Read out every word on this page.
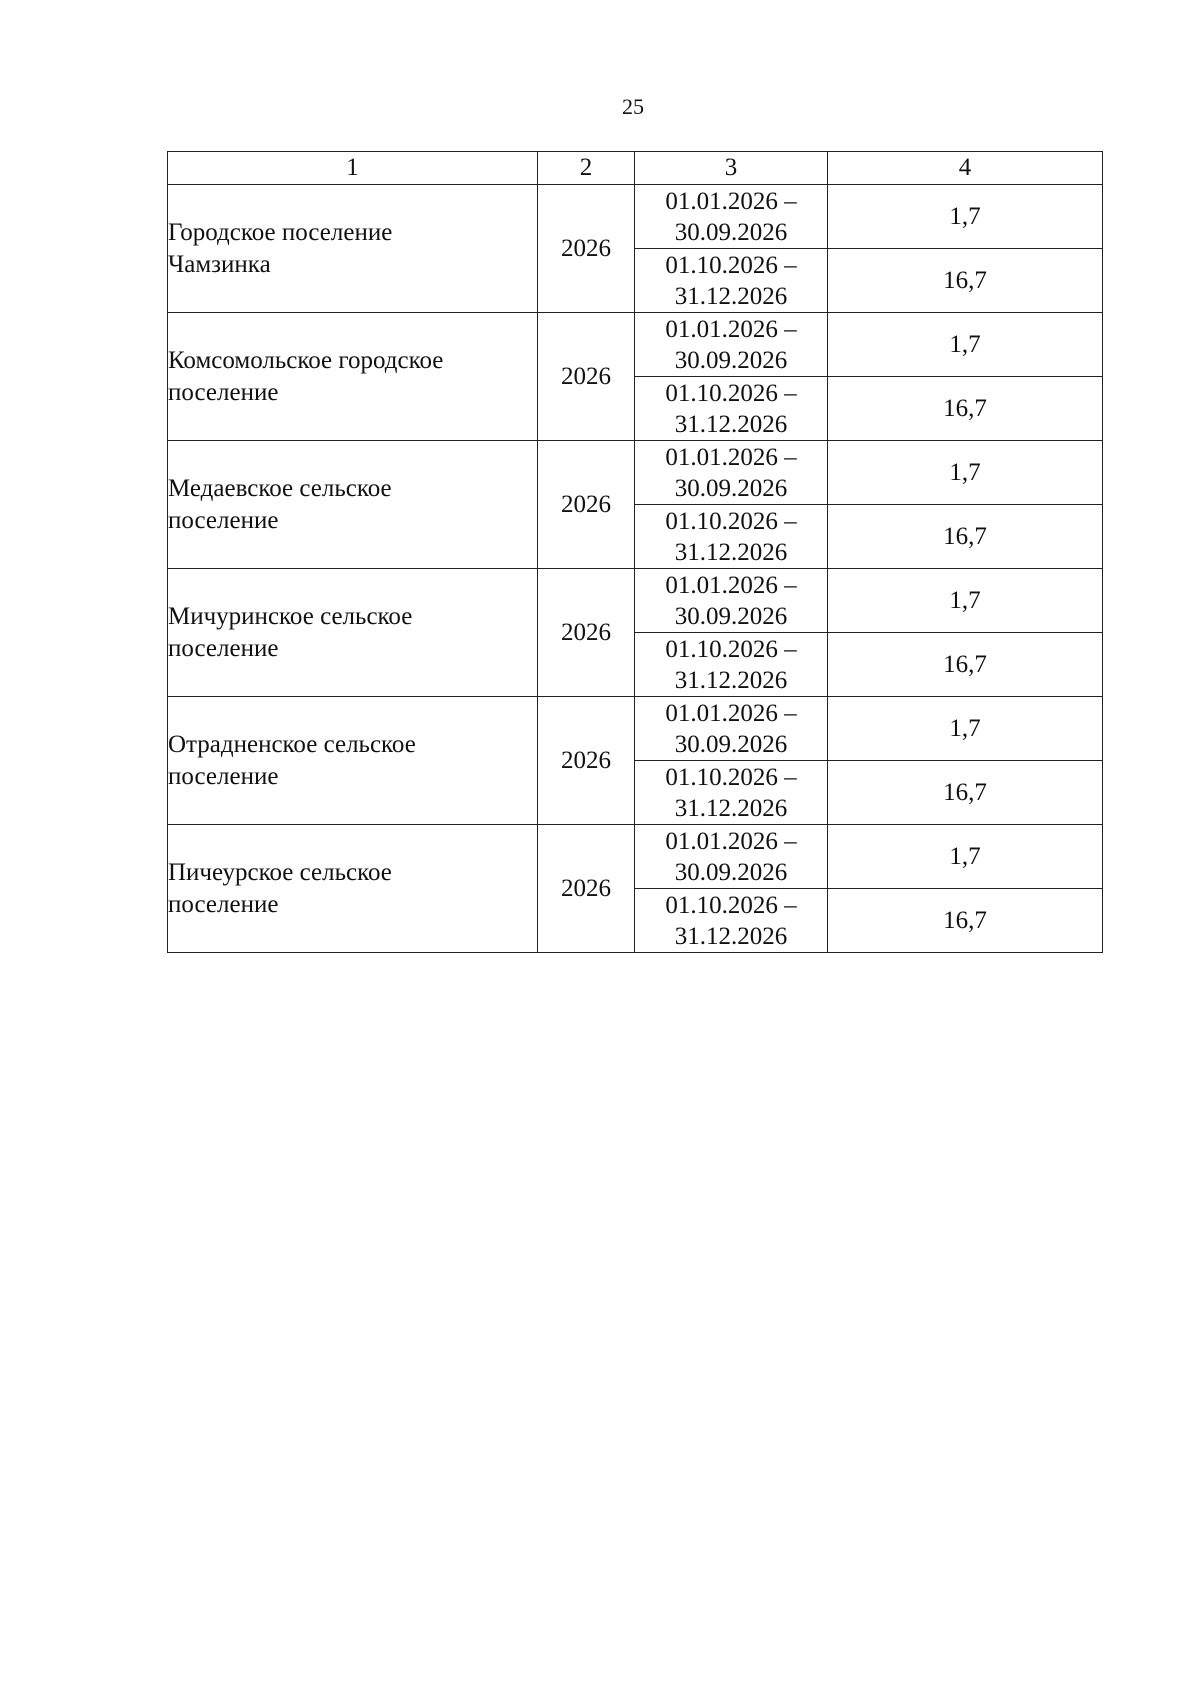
25
1	2	3	4

Городское поселение
Чамзинка	2026	01.01.2026 –
30.09.2026	1,7

		01.10.2026 –
31.12.2026	16,7

Комсомольское городское
поселение	2026	01.01.2026 –
30.09.2026	1,7

		01.10.2026 –
31.12.2026	16,7

Медаевское сельское
поселение	2026	01.01.2026 –
30.09.2026	1,7

		01.10.2026 –
31.12.2026	16,7

Мичуринское сельское
поселение	2026	01.01.2026 –
30.09.2026	1,7

		01.10.2026 –
31.12.2026	16,7

Отрадненское сельское
поселение	2026	01.01.2026 –
30.09.2026	1,7

		01.10.2026 –
31.12.2026	16,7

Пичеурское сельское
поселение	2026	01.01.2026 –
30.09.2026	1,7

		01.10.2026 –
31.12.2026	16,7
